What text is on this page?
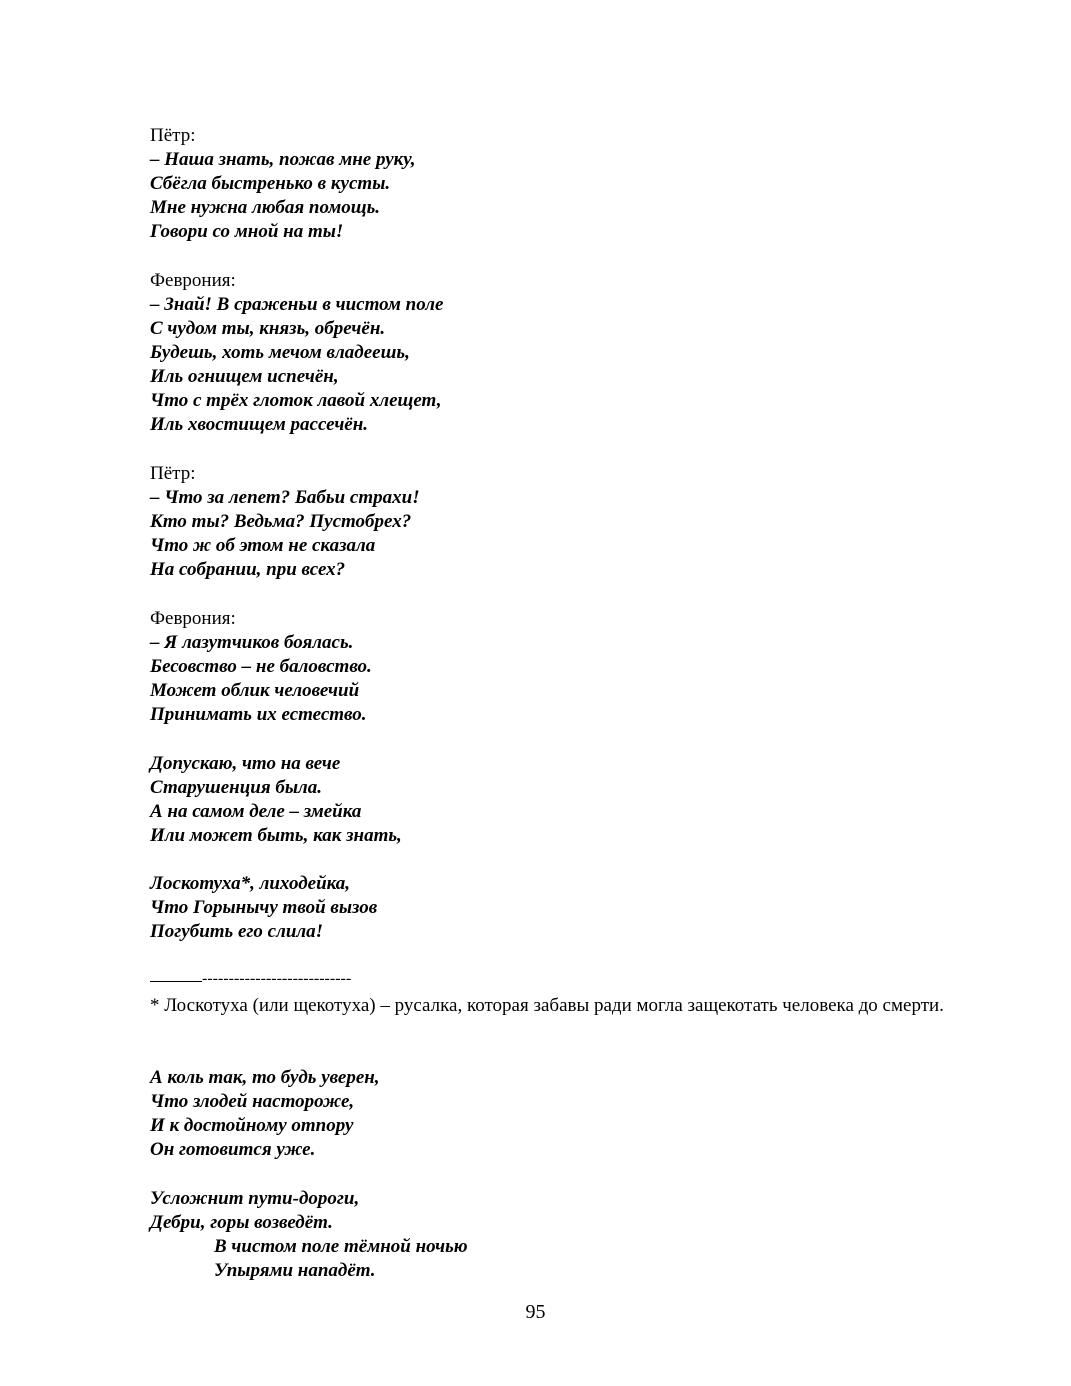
Пётр:
– Наша знать, пожав мне руку,
Сбёгла быстренько в кусты.
Мне нужна любая помощь.
Говори со мной на ты!
Феврония:
– Знай! В сраженьи в чистом поле
С чудом ты, князь, обречён.
Будешь, хоть мечом владеешь,
Иль огнищем испечён,
Что с трёх глоток лавой хлещет,
Иль хвостищем рассечён.
Пётр:
– Что за лепет? Бабьи страхи!
Кто ты? Ведьма? Пустобрех?
Что ж об этом не сказала
На собрании, при всех?
Феврония:
– Я лазутчиков боялась.
Бесовство – не баловство.
Может облик человечий
Принимать их естество.
Допускаю, что на вече
Старушенция была.
А на самом деле – змейка
Или может быть, как знать,
Лоскотуха*, лиходейка,
Что Горынычу твой вызов
Погубить его слила!
----------------------------
* Лоскотуха (или щекотуха) – русалка, которая забавы ради могла защекотать человека до смерти.
А коль так, то будь уверен,
Что злодей настороже,
И к достойному отпору
Он готовится уже.
Усложнит пути-дороги,
Дебри, горы возведёт.
В чистом поле тёмной ночью
Упырями нападёт.
95
